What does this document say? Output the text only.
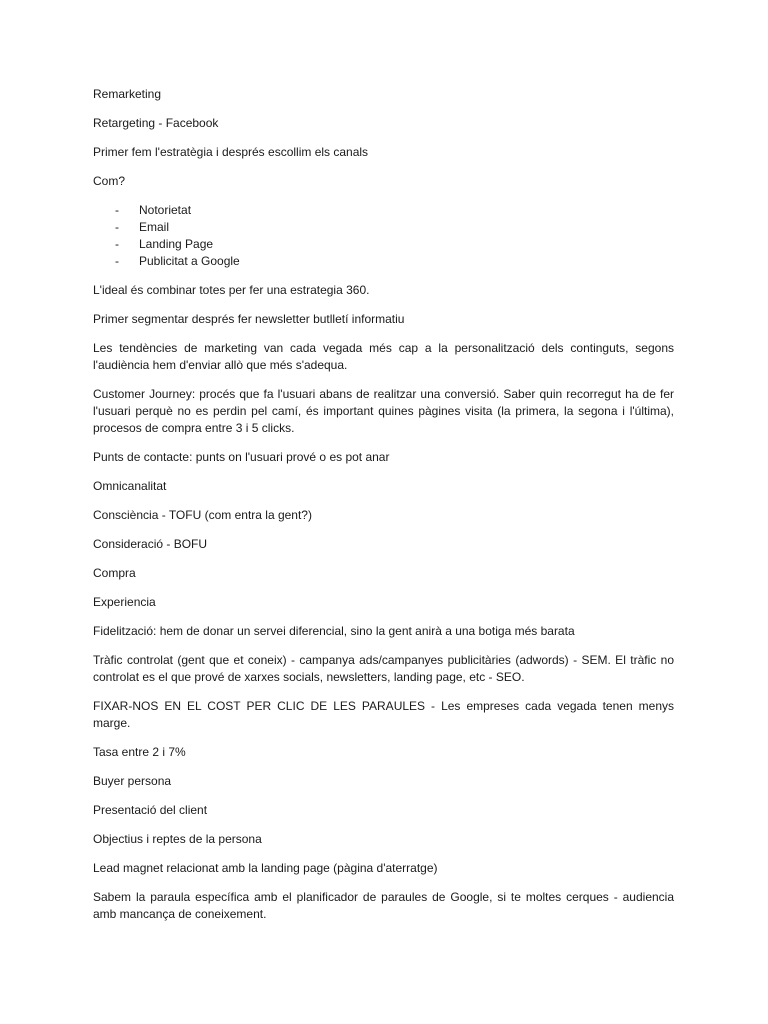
Remarketing

Retargeting - Facebook

Primer fem l'estratègia i després escollim els canals

Com?

- Notorietat
- Email
- Landing Page
- Publicitat a Google

L'ideal és combinar totes per fer una estrategia 360.

Primer segmentar després fer newsletter butlletí informatiu

Les tendències de marketing van cada vegada més cap a la personalització dels continguts, segons l'audiència hem d'enviar allò que més s'adequa.

Customer Journey: procés que fa l'usuari abans de realitzar una conversió. Saber quin recorregut ha de fer l'usuari perquè no es perdin pel camí, és important quines pàgines visita (la primera, la segona i l'última), procesos de compra entre 3 i 5 clicks.

Punts de contacte: punts on l'usuari prové o es pot anar

Omnicanalitat

Consciència - TOFU (com entra la gent?)

Consideració - BOFU

Compra

Experiencia

Fidelització: hem de donar un servei diferencial, sino la gent anirà a una botiga més barata

Tràfic controlat (gent que et coneix) - campanya ads/campanyes publicitàries (adwords) - SEM. El tràfic no controlat es el que prové de xarxes socials, newsletters, landing page, etc - SEO.

FIXAR-NOS EN EL COST PER CLIC DE LES PARAULES - Les empreses cada vegada tenen menys marge.

Tasa entre 2 i 7%

Buyer persona

Presentació del client

Objectius i reptes de la persona

Lead magnet relacionat amb la landing page (pàgina d'aterratge)

Sabem la paraula específica amb el planificador de paraules de Google, si te moltes cerques - audiencia amb mancança de coneixement.
